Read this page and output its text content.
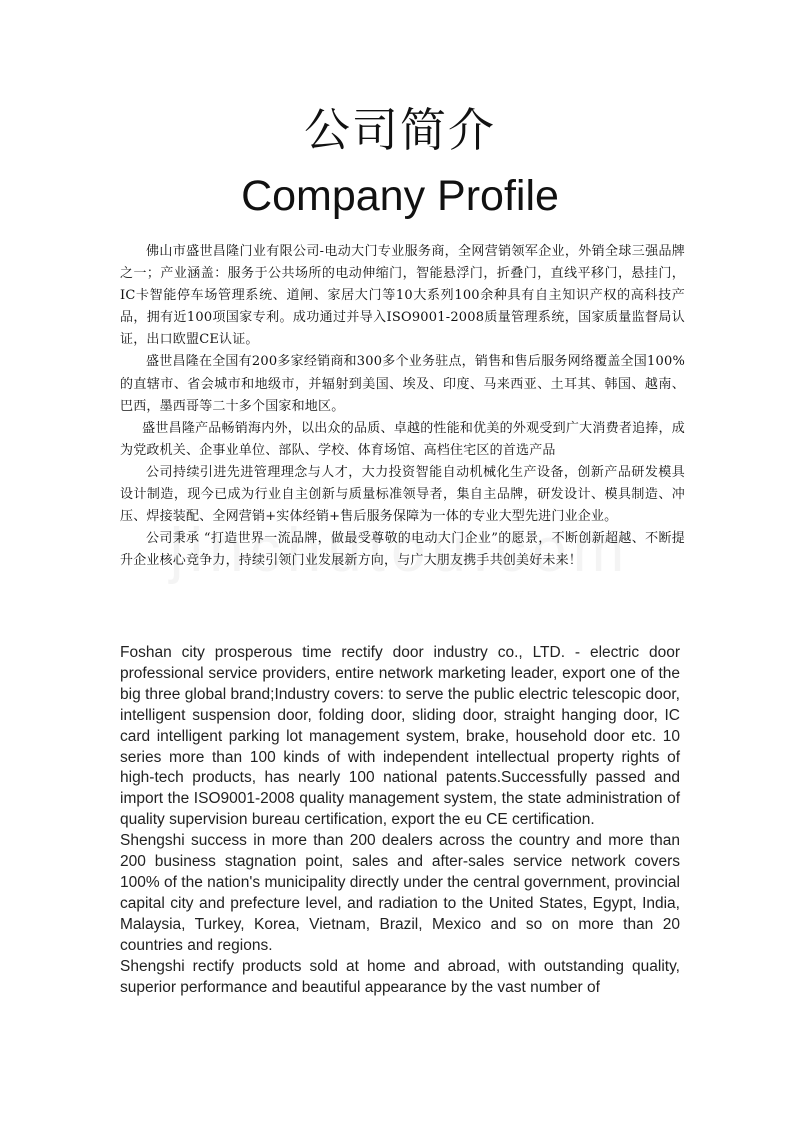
公司简介
Company Profile

佛山市盛世昌隆门业有限公司-电动大门专业服务商，全网营销领军企业，外销全球三强品牌之一；产业涵盖：服务于公共场所的电动伸缩门，智能悬浮门，折叠门，直线平移门，悬挂门，IC卡智能停车场管理系统、道闸、家居大门等10大系列100余种具有自主知识产权的高科技产品，拥有近100项国家专利。成功通过并导入ISO9001-2008质量管理系统，国家质量监督局认证，出口欧盟CE认证。

盛世昌隆在全国有200多家经销商和300多个业务驻点，销售和售后服务网络覆盖全国100%的直辖市、省会城市和地级市，并辐射到美国、埃及、印度、马来西亚、土耳其、韩国、越南、巴西，墨西哥等二十多个国家和地区。

盛世昌隆产品畅销海内外，以出众的品质、卓越的性能和优美的外观受到广大消费者追捧，成为党政机关、企事业单位、部队、学校、体育场馆、高档住宅区的首选产品

公司持续引进先进管理理念与人才，大力投资智能自动机械化生产设备，创新产品研发模具设计制造，现今已成为行业自主创新与质量标准领导者，集自主品牌，研发设计、模具制造、冲压、焊接装配、全网营销+实体经销+售后服务保障为一体的专业大型先进门业企业。

公司秉承 “打造世界一流品牌，做最受尊敬的电动大门企业”的愿景，不断创新超越、不断提升企业核心竞争力，持续引领门业发展新方向，与广大朋友携手共创美好未来！

Foshan city prosperous time rectify door industry co., LTD. - electric door professional service providers, entire network marketing leader, export one of the big three global brand;Industry covers: to serve the public electric telescopic door, intelligent suspension door, folding door, sliding door, straight hanging door, IC card intelligent parking lot management system, brake, household door etc. 10 series more than 100 kinds of with independent intellectual property rights of high-tech products, has nearly 100 national patents.Successfully passed and import the ISO9001-2008 quality management system, the state administration of quality supervision bureau certification, export the eu CE certification.

Shengshi success in more than 200 dealers across the country and more than 200 business stagnation point, sales and after-sales service network covers 100% of the nation's municipality directly under the central government, provincial capital city and prefecture level, and radiation to the United States, Egypt, India, Malaysia, Turkey, Korea, Vietnam, Brazil, Mexico and so on more than 20 countries and regions.

Shengshi rectify products sold at home and abroad, with outstanding quality, superior performance and beautiful appearance by the vast number of
